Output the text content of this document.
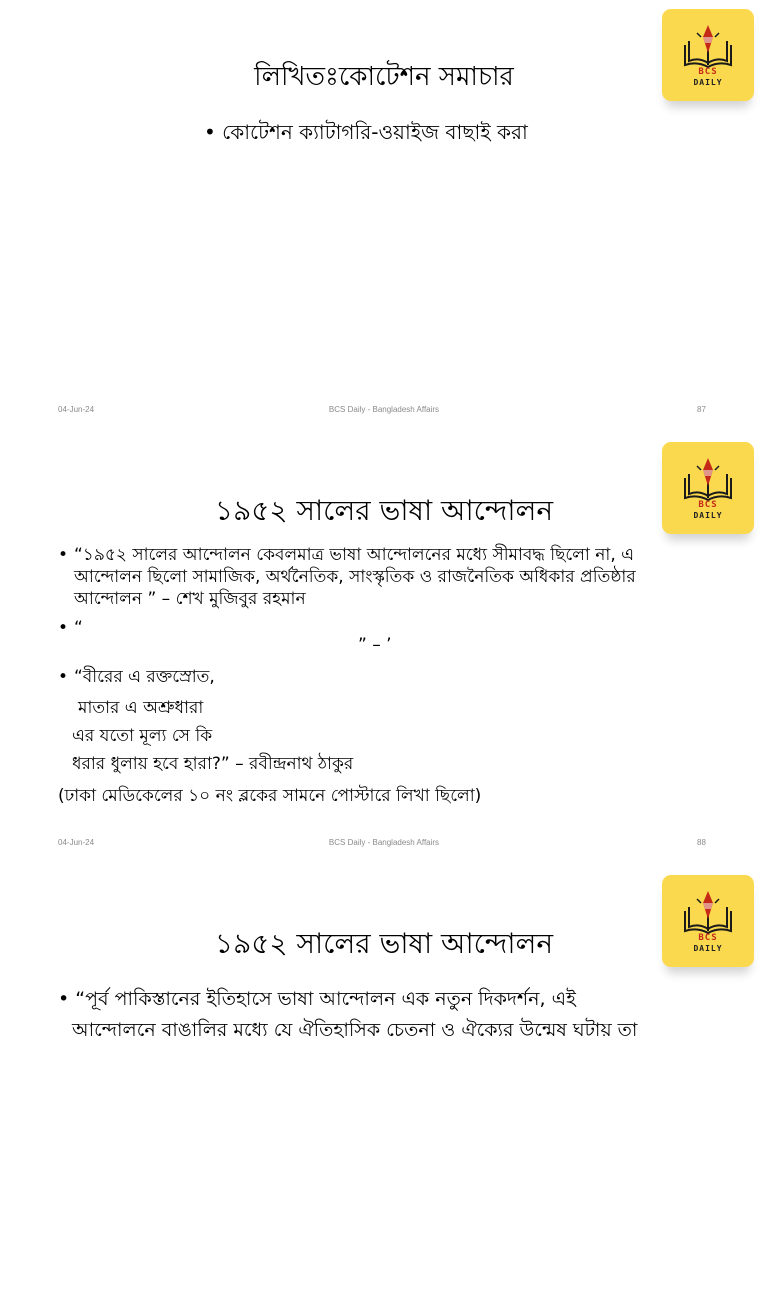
BCS
DAILY
লিখিতঃকোটেশন সমাচার
• কোটেশন ক্যাটাগরি-ওয়াইজ বাছাই করা
04-Jun-24	BCS Daily - Bangladesh Affairs	87
BCS
DAILY
১৯৫২ সালের ভাষা আন্দোলন
04-Jun-24	BCS Daily - Bangladesh Affairs	88
• “১৯৫২ সালের আন্দোলন কেবলমাত্র ভাষা আন্দোলনের মধ্যে সীমাবদ্ধ ছিলো না, এ
আন্দোলন ছিলো সামাজিক, অর্থনৈতিক, সাংস্কৃতিক ও রাজনৈতিক অধিকার প্রতিষ্ঠার
আন্দোলন ” – শেখ মুজিবুর রহমান
• “
” – ’
• “বীরের এ রক্তস্রোত,
মাতার এ অশ্রুধারা
এর যতো মূল্য সে কি
ধরার ধুলায় হবে হারা?” – রবীন্দ্রনাথ ঠাকুর
(ঢাকা মেডিকেলের ১০ নং ব্লকের সামনে পোস্টারে লিখা ছিলো)
BCS
DAILY
১৯৫২ সালের ভাষা আন্দোলন
• “পূর্ব পাকিস্তানের ইতিহাসে ভাষা আন্দোলন এক নতুন দিকদর্শন, এই
আন্দোলনে বাঙালির মধ্যে যে ঐতিহাসিক চেতনা ও ঐক্যের উন্মেষ ঘটায় তা
